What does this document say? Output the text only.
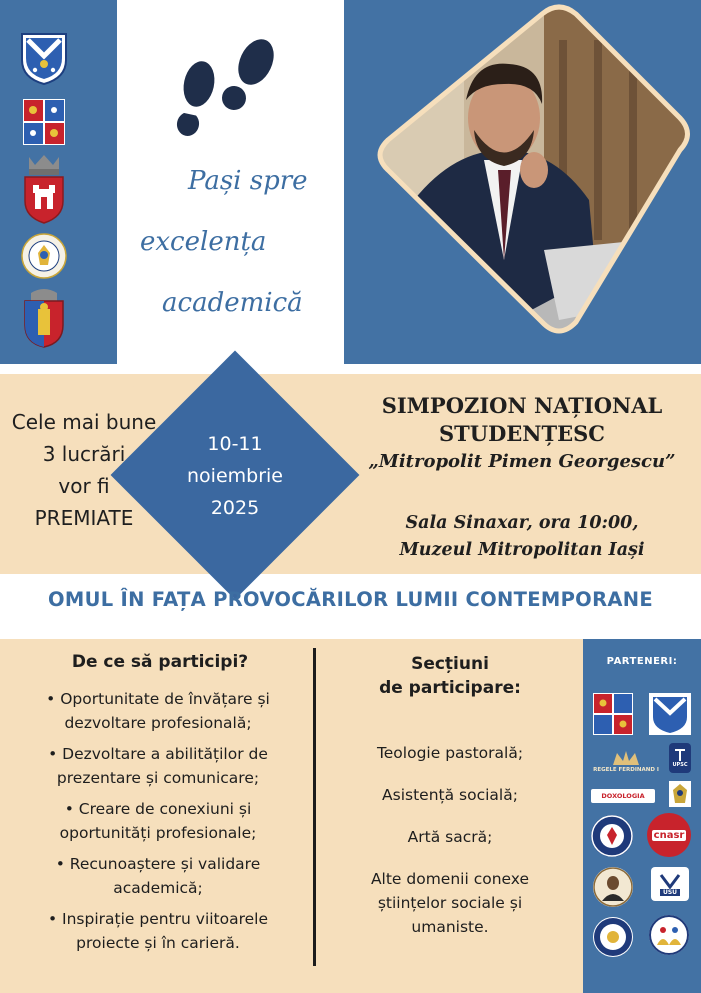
Pași spre
excelența
academică
Cele mai bune
3 lucrări
vor fi
PREMIATE
10-11
noiembrie
2025
SIMPOZION NAȚIONAL
STUDENȚESC
„Mitropolit Pimen Georgescu”
Sala Sinaxar, ora 10:00,
Muzeul Mitropolitan Iași
OMUL ÎN FAȚA PROVOCĂRILOR LUMII CONTEMPORANE
De ce să participi?
• Oportunitate de învățare și dezvoltare profesională;
• Dezvoltare a abilităților de prezentare și comunicare;
• Creare de conexiuni și oportunități profesionale;
• Recunoaștere și validare academică;
• Inspirație pentru viitoarele proiecte și în carieră.
Secțiuni
de participare:
Teologie pastorală;
Asistență socială;
Artă sacră;
Alte domenii conexe științelor sociale și umaniste.
PARTENERI:
REGELE FERDINAND I
UPSC
DOXOLOGIA
cnasr
USU
